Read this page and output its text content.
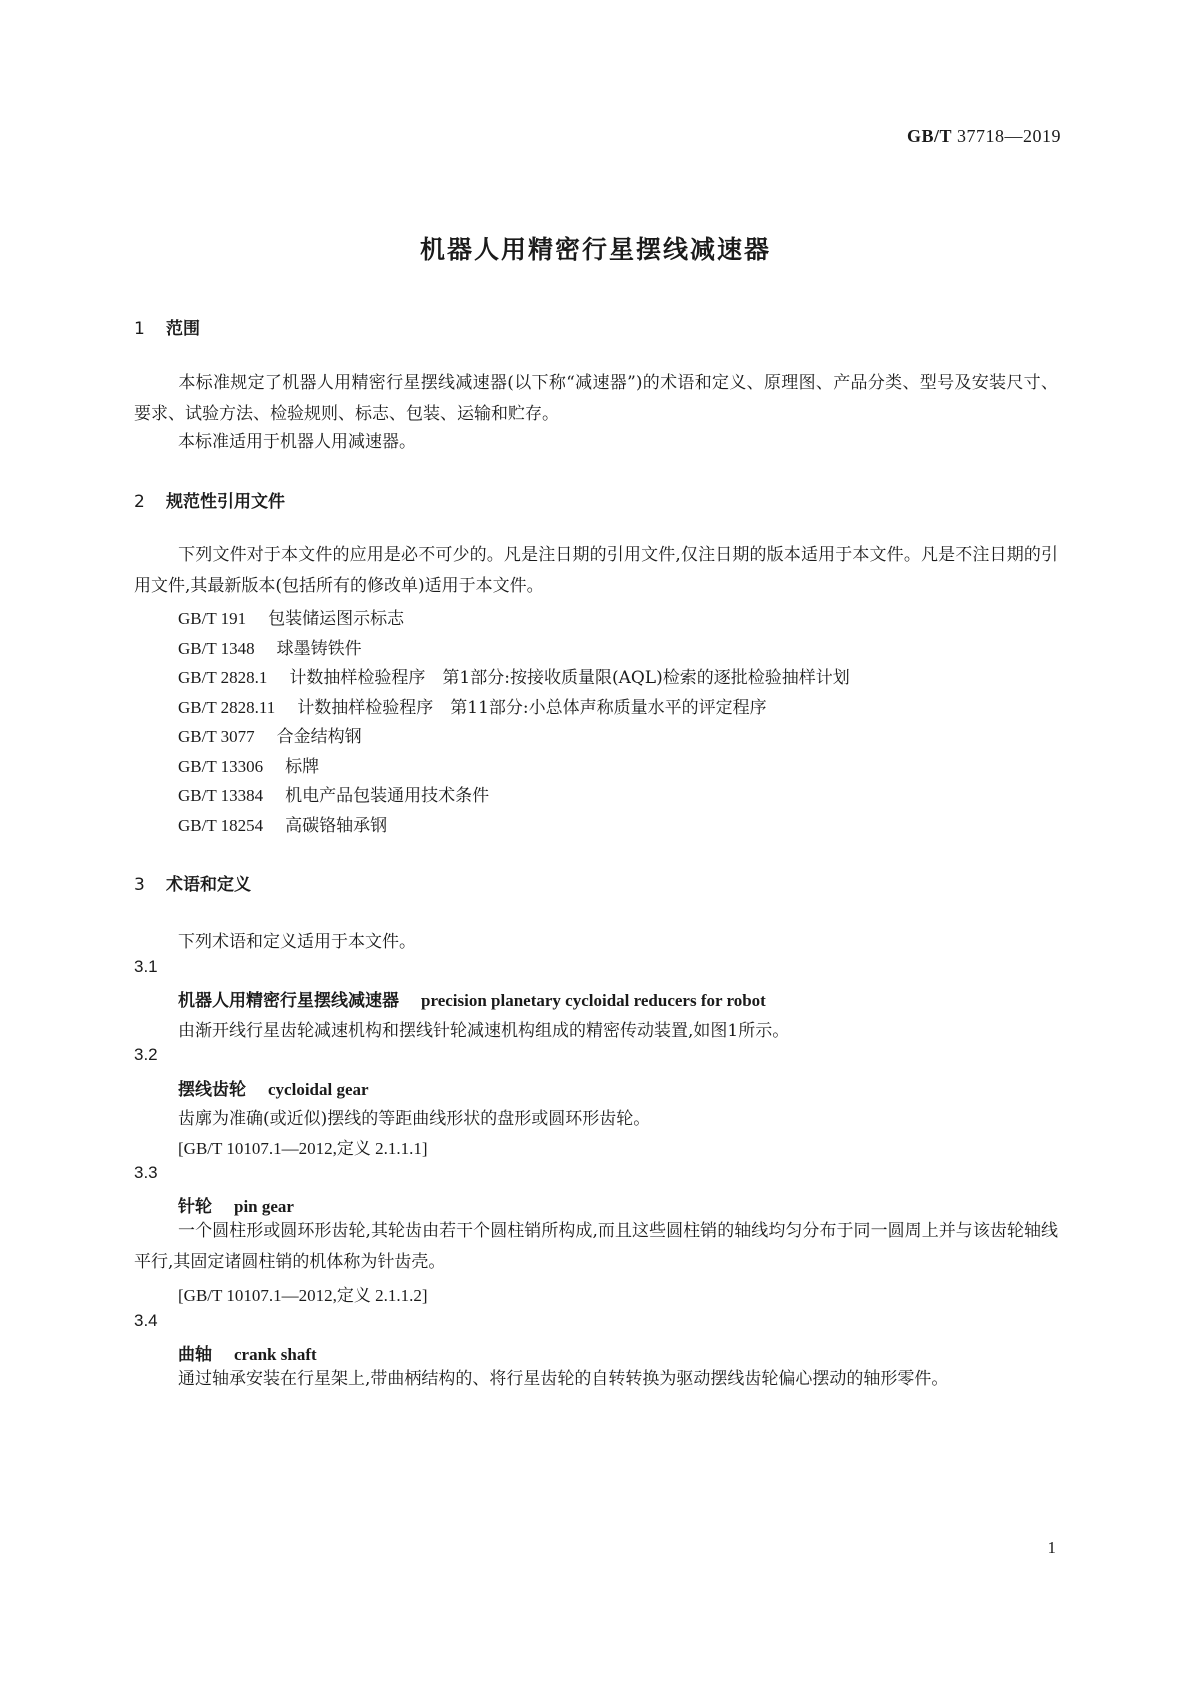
GB/T 37718—2019
机器人用精密行星摆线减速器
1 范围
本标准规定了机器人用精密行星摆线减速器(以下称“减速器”)的术语和定义、原理图、产品分类、型号及安装尺寸、要求、试验方法、检验规则、标志、包装、运输和贮存。
本标准适用于机器人用减速器。
2 规范性引用文件
下列文件对于本文件的应用是必不可少的。凡是注日期的引用文件,仅注日期的版本适用于本文件。凡是不注日期的引用文件,其最新版本(包括所有的修改单)适用于本文件。
GB/T 191 包装储运图示标志
GB/T 1348 球墨铸铁件
GB/T 2828.1 计数抽样检验程序　第1部分:按接收质量限(AQL)检索的逐批检验抽样计划
GB/T 2828.11 计数抽样检验程序　第11部分:小总体声称质量水平的评定程序
GB/T 3077 合金结构钢
GB/T 13306 标牌
GB/T 13384 机电产品包装通用技术条件
GB/T 18254 高碳铬轴承钢
3 术语和定义
下列术语和定义适用于本文件。
3.1
机器人用精密行星摆线减速器 precision planetary cycloidal reducers for robot
由渐开线行星齿轮减速机构和摆线针轮减速机构组成的精密传动装置,如图1所示。
3.2
摆线齿轮 cycloidal gear
齿廓为准确(或近似)摆线的等距曲线形状的盘形或圆环形齿轮。
[GB/T 10107.1—2012,定义 2.1.1.1]
3.3
针轮 pin gear
一个圆柱形或圆环形齿轮,其轮齿由若干个圆柱销所构成,而且这些圆柱销的轴线均匀分布于同一圆周上并与该齿轮轴线平行,其固定诸圆柱销的机体称为针齿壳。
[GB/T 10107.1—2012,定义 2.1.1.2]
3.4
曲轴 crank shaft
通过轴承安装在行星架上,带曲柄结构的、将行星齿轮的自转转换为驱动摆线齿轮偏心摆动的轴形零件。
1
